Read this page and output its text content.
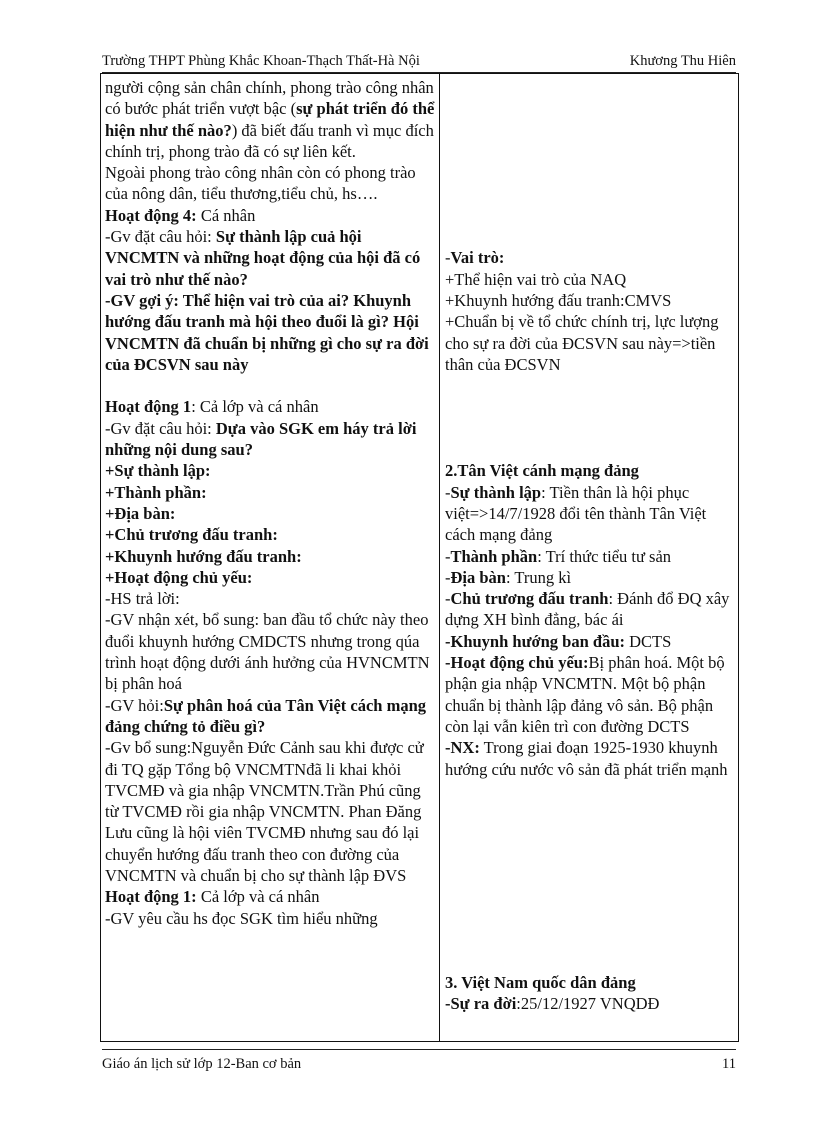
Trường THPT Phùng Khắc Khoan-Thạch Thất-Hà Nội	Khương Thu Hiên
người cộng sản chân chính, phong trào công nhân có bước phát triển vượt bậc (sự phát triển đó thể hiện như thế nào?) đã biết đấu tranh vì mục đích chính trị, phong trào đã có sự liên kết.
Ngoài phong trào công nhân còn có phong trào của nông dân, tiểu thương,tiểu chủ, hs….
Hoạt động 4: Cá nhân
-Gv đặt câu hỏi: Sự thành lập cuả hội VNCMTN và những hoạt động của hội đã có vai trò như thế nào?
-GV gợi ý: Thể hiện vai trò của ai? Khuynh hướng đấu tranh mà hội theo đuổi là gì? Hội VNCMTN đã chuẩn bị những gì cho sự ra đời của ĐCSVN sau này
Hoạt động 1: Cả lớp và cá nhân
-Gv đặt câu hỏi: Dựa vào SGK em háy trả lời những nội dung sau?
+Sự thành lập:
+Thành phần:
+Địa bàn:
+Chủ trương đấu tranh:
+Khuynh hướng đấu tranh:
+Hoạt động chủ yếu:
-HS trả lời:
-GV nhận xét, bổ sung: ban đầu tổ chức này theo đuổi khuynh hướng CMDCTS nhưng trong qúa trình hoạt động dưới ánh hưởng của HVNCMTN bị phân hoá
-GV hỏi:Sự phân hoá của Tân Việt cách mạng đảng chứng tỏ điều gì?
-Gv bổ sung:Nguyễn Đức Cảnh sau khi được cử đi TQ gặp Tổng bộ VNCMTNđã li khai khỏi TVCMĐ và gia nhập VNCMTN.Trần Phú cũng từ TVCMĐ rồi gia nhập VNCMTN. Phan Đăng Lưu cũng là hội viên TVCMĐ nhưng sau đó lại chuyển hướng đấu tranh theo con đường của VNCMTN và chuẩn bị cho sự thành lập ĐVS
Hoạt động 1: Cả lớp và cá nhân
-GV yêu cầu hs đọc SGK tìm hiểu những
-Vai trò:
+Thể hiện vai trò của NAQ
+Khuynh hướng đấu tranh:CMVS
+Chuẩn bị về tổ chức chính trị, lực lượng cho sự ra đời của ĐCSVN sau này=>tiền thân của ĐCSVN
2.Tân Việt cánh mạng đảng
-Sự thành lập: Tiền thân là hội phục việt=>14/7/1928 đổi tên thành Tân Việt cách mạng đảng
-Thành phần: Trí thức tiểu tư sản
-Địa bàn: Trung kì
-Chủ trương đấu tranh: Đánh đổ ĐQ xây dựng XH bình đẳng, bác ái
-Khuynh hướng ban đầu: DCTS
-Hoạt động chủ yếu:Bị phân hoá. Một bộ phận gia nhập VNCMTN. Một bộ phận chuẩn bị thành lập đảng vô sản. Bộ phận còn lại vẫn kiên trì con đường DCTS
-NX: Trong giai đoạn 1925-1930 khuynh hướng cứu nước vô sản đã phát triển mạnh
3. Việt Nam quốc dân đảng
-Sự ra đời:25/12/1927 VNQDĐ
Giáo án lịch sử lớp 12-Ban cơ bản	11
